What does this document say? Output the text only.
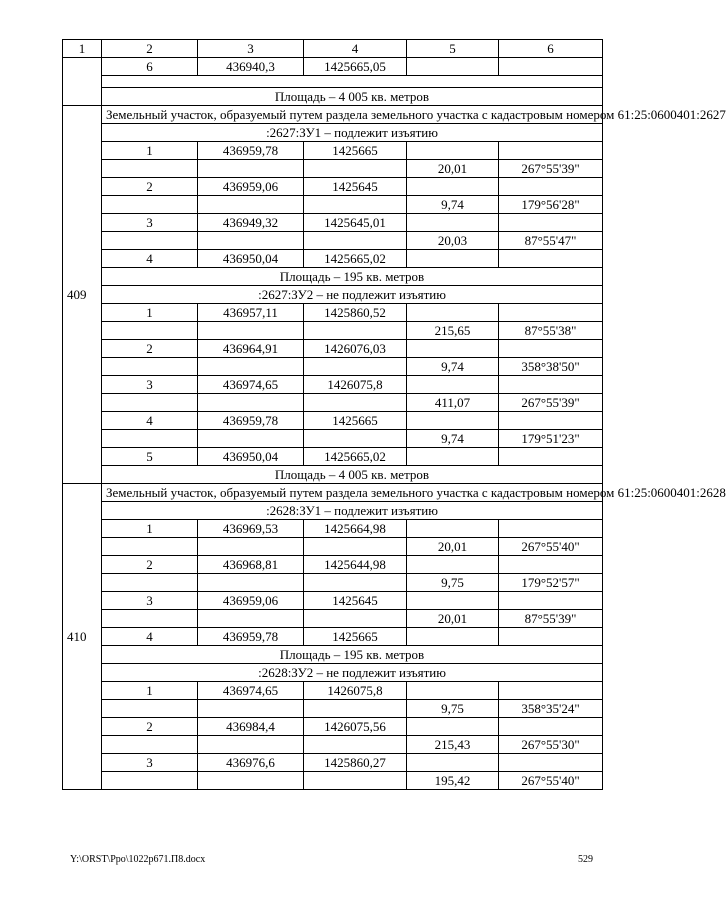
1	2	3	4	5	6
	6	436940,3	1425665,05		

	Площадь – 4 005 кв. метров				
409	Земельный участок, образуемый путем раздела земельного участка с кадастровым номером 61:25:0600401:2627				
	:2627:ЗУ1 – подлежит изъятию				
	1	436959,78	1425665		
				20,01	267°55'39"
	2	436959,06	1425645		
				9,74	179°56'28"
	3	436949,32	1425645,01		
				20,03	87°55'47"
	4	436950,04	1425665,02		
	Площадь – 195 кв. метров				
	:2627:ЗУ2 – не подлежит изъятию				
	1	436957,11	1425860,52		
				215,65	87°55'38"
	2	436964,91	1426076,03		
				9,74	358°38'50"
	3	436974,65	1426075,8		
				411,07	267°55'39"
	4	436959,78	1425665		
				9,74	179°51'23"
	5	436950,04	1425665,02		
	Площадь – 4 005 кв. метров				
410	Земельный участок, образуемый путем раздела земельного участка с кадастровым номером 61:25:0600401:2628				
	:2628:ЗУ1 – подлежит изъятию				
	1	436969,53	1425664,98		
				20,01	267°55'40"
	2	436968,81	1425644,98		
				9,75	179°52'57"
	3	436959,06	1425645		
				20,01	87°55'39"
	4	436959,78	1425665		
	Площадь – 195 кв. метров				
	:2628:ЗУ2 – не подлежит изъятию				
	1	436974,65	1426075,8		
				9,75	358°35'24"
	2	436984,4	1426075,56		
				215,43	267°55'30"
	3	436976,6	1425860,27		
				195,42	267°55'40"
Y:\ORST\Ppo\1022p671.П8.docx	529
